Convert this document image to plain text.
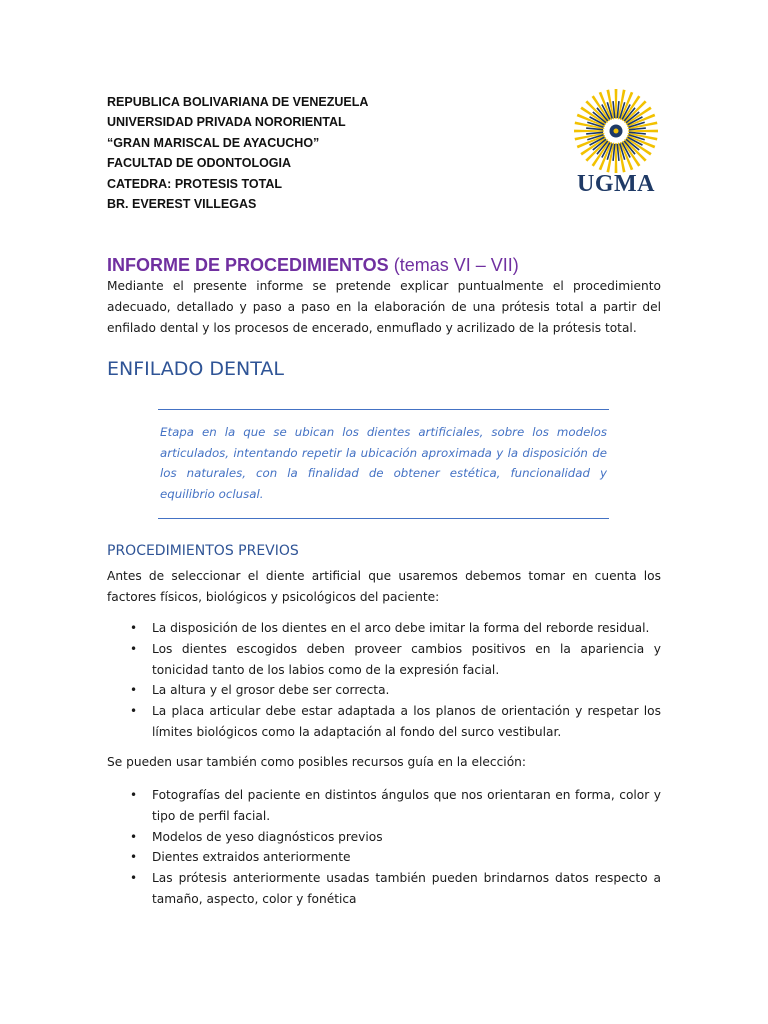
REPUBLICA BOLIVARIANA DE VENEZUELA
UNIVERSIDAD PRIVADA NORORIENTAL
“GRAN MARISCAL DE AYACUCHO”
FACULTAD DE ODONTOLOGIA
CATEDRA: PROTESIS TOTAL
BR. EVEREST VILLEGAS
UGMA
INFORME DE PROCEDIMIENTOS (temas VI – VII)
Mediante el presente informe se pretende explicar puntualmente el procedimiento adecuado, detallado y paso a paso en la elaboración de una prótesis total a partir del enfilado dental y los procesos de encerado, enmuflado y acrilizado de la prótesis total.
ENFILADO DENTAL
Etapa en la que se ubican los dientes artificiales, sobre los modelos articulados, intentando repetir la ubicación aproximada y la disposición de los naturales, con la finalidad de obtener estética, funcionalidad y equilibrio oclusal.
PROCEDIMIENTOS PREVIOS
Antes de seleccionar el diente artificial que usaremos debemos tomar en cuenta los factores físicos, biológicos y psicológicos del paciente:
• La disposición de los dientes en el arco debe imitar la forma del reborde residual.
• Los dientes escogidos deben proveer cambios positivos en la apariencia y tonicidad tanto de los labios como de la expresión facial.
• La altura y el grosor debe ser correcta.
• La placa articular debe estar adaptada a los planos de orientación y respetar los límites biológicos como la adaptación al fondo del surco vestibular.
Se pueden usar también como posibles recursos guía en la elección:
• Fotografías del paciente en distintos ángulos que nos orientaran en forma, color y tipo de perfil facial.
• Modelos de yeso diagnósticos previos
• Dientes extraidos anteriormente
• Las prótesis anteriormente usadas también pueden brindarnos datos respecto a tamaño, aspecto, color y fonética
